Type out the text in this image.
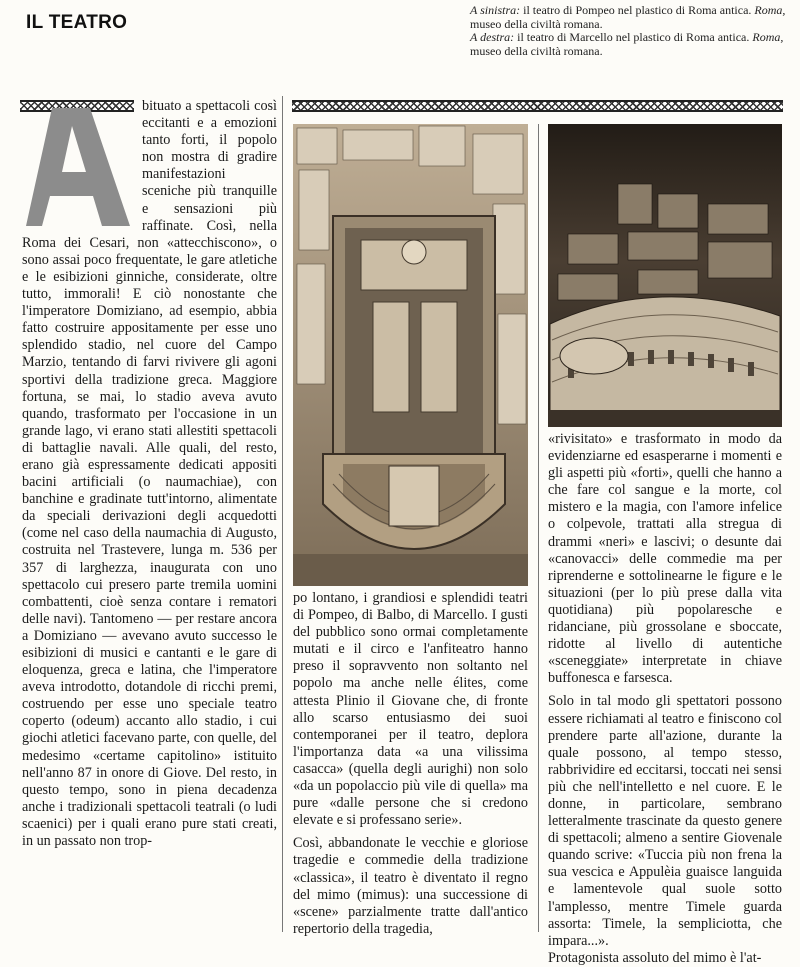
IL TEATRO

A sinistra: il teatro di Pompeo nel plastico di Roma antica. Roma,
museo della civiltà romana.

A destra: il teatro di Marcello nel plastico di Roma antica. Roma,
museo della civiltà romana.

bituato a spettacoli così eccitanti e a emozioni tanto forti, il popolo non mostra di gradire manifestazioni sceniche più tranquille e sensazioni più raffinate. Così, nella Roma dei Cesari, non «attecchiscono», o sono assai poco frequentate, le gare atletiche e le esibizioni ginniche, considerate, oltre tutto, immorali! E ciò nonostante che l'imperatore Domiziano, ad esempio, abbia fatto costruire appositamente per esse uno splendido stadio, nel cuore del Campo Marzio, tentando di farvi rivivere gli agoni sportivi della tradizione greca. Maggiore fortuna, se mai, lo stadio aveva avuto quando, trasformato per l'occasione in un grande lago, vi erano stati allestiti spettacoli di battaglie navali. Alle quali, del resto, erano già espressamente dedicati appositi bacini artificiali (o naumachiae), con banchine e gradinate tutt'intorno, alimentate da speciali derivazioni degli acquedotti (come nel caso della naumachia di Augusto, costruita nel Trastevere, lunga m. 536 per 357 di larghezza, inaugurata con uno spettacolo cui presero parte tremila uomini combattenti, cioè senza contare i rematori delle navi). Tantomeno — per restare ancora a Domiziano — avevano avuto successo le esibizioni di musici e cantanti e le gare di eloquenza, greca e latina, che l'imperatore aveva introdotto, dotandole di ricchi premi, costruendo per esse uno speciale teatro coperto (odeum) accanto allo stadio, i cui giochi atletici facevano parte, con quelle, del medesimo «certame capitolino» istituito nell'anno 87 in onore di Giove. Del resto, in questo tempo, sono in piena decadenza anche i tradizionali spettacoli teatrali (o ludi scaenici) per i quali erano pure stati creati, in un passato non trop-

po lontano, i grandiosi e splendidi teatri di Pompeo, di Balbo, di Marcello. I gusti del pubblico sono ormai completamente mutati e il circo e l'anfiteatro hanno preso il sopravvento non soltanto nel popolo ma anche nelle élites, come attesta Plinio il Giovane che, di fronte allo scarso entusiasmo dei suoi contemporanei per il teatro, deplora l'importanza data «a una vilissima casacca» (quella degli aurighi) non solo «da un popolaccio più vile di quella» ma pure «dalle persone che si credono elevate e si professano serie».

Così, abbandonate le vecchie e gloriose tragedie e commedie della tradizione «classica», il teatro è diventato il regno del mimo (mimus): una successione di «scene» parzialmente tratte dall'antico repertorio della tragedia,

«rivisitato» e trasformato in modo da evidenziarne ed esasperarne i momenti e gli aspetti più «forti», quelli che hanno a che fare col sangue e la morte, col mistero e la magia, con l'amore infelice o colpevole, trattati alla stregua di drammi «neri» e lascivi; o desunte dai «canovacci» delle commedie ma per riprenderne e sottolinearne le figure e le situazioni (per lo più prese dalla vita quotidiana) più popolaresche e ridanciane, più grossolane e sboccate, ridotte al livello di autentiche «sceneggiate» interpretate in chiave buffonesca e farsesca.

Solo in tal modo gli spettatori possono essere richiamati al teatro e finiscono col prendere parte all'azione, durante la quale possono, al tempo stesso, rabbrividire ed eccitarsi, toccati nei sensi più che nell'intelletto e nel cuore. E le donne, in particolare, sembrano letteralmente trascinate da questo genere di spettacoli; almeno a sentire Giovenale quando scrive: «Tuccia più non frena la sua vescica e Appulèia guaisce languida e lamentevole qual suole sotto l'amplesso, mentre Timele guarda assorta: Timele, la sempliciotta, che impara...».

Protagonista assoluto del mimo è l'at-
